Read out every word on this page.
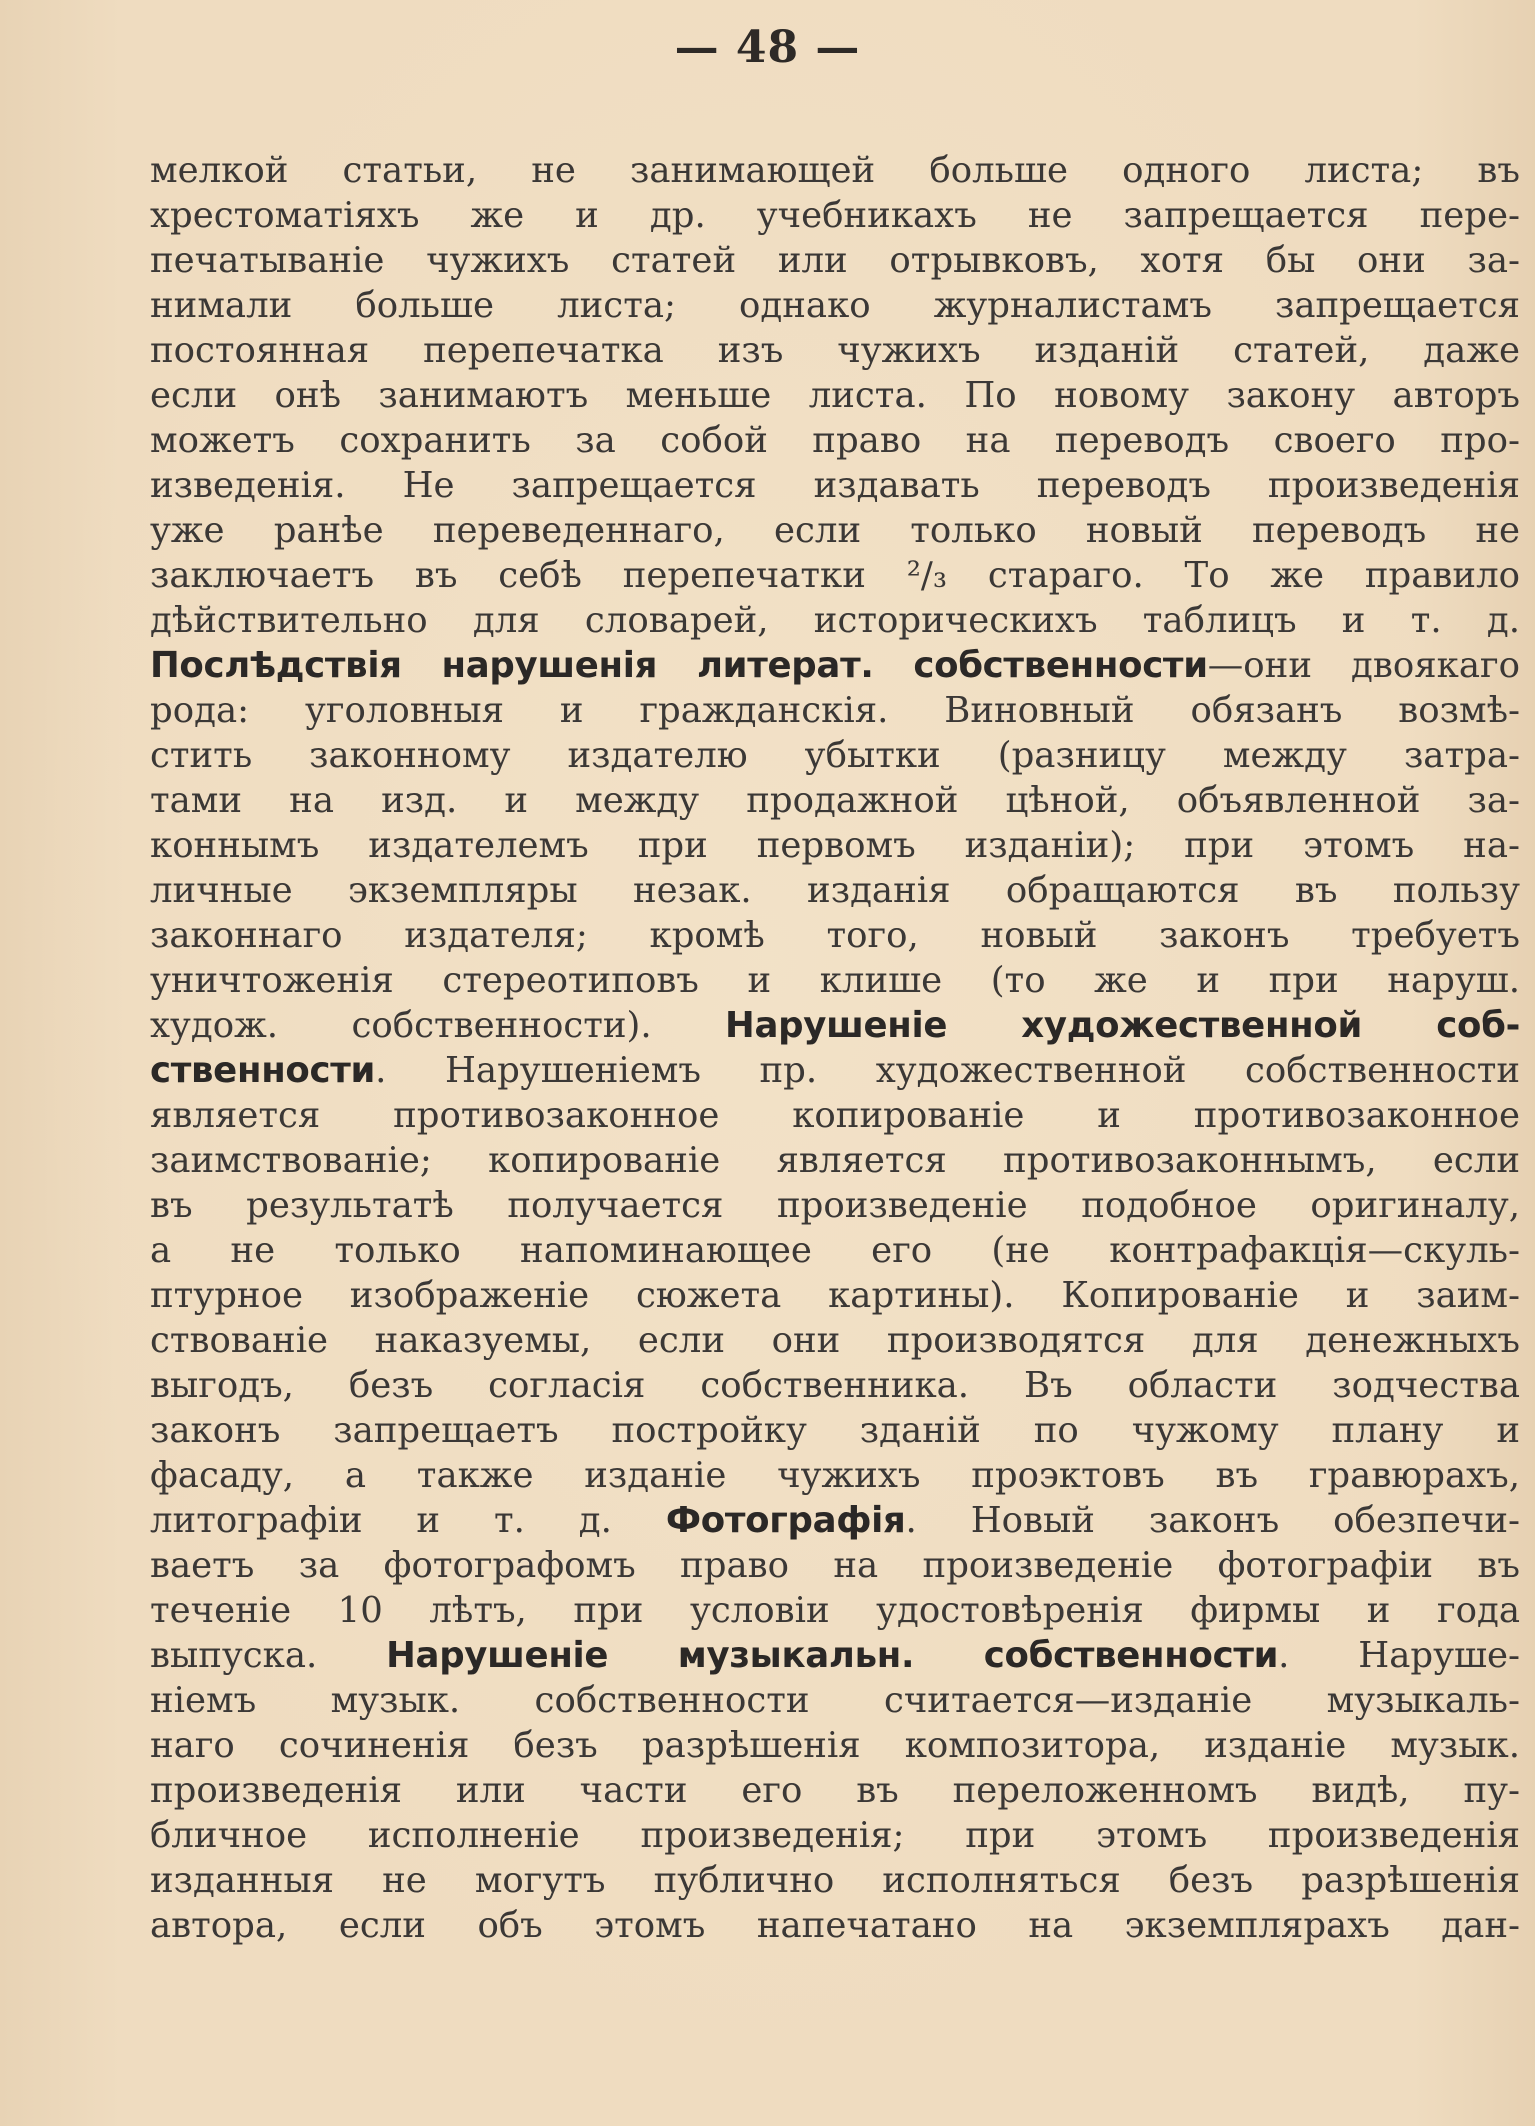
— 48 —
мелкой статьи, не занимающей больше одного листа; въ
хрестоматіяхъ же и др. учебникахъ не запрещается пере-
печатываніе чужихъ статей или отрывковъ, хотя бы они за-
нимали больше листа; однако журналистамъ запрещается
постоянная перепечатка изъ чужихъ изданій статей, даже
если онѣ занимаютъ меньше листа. По новому закону авторъ
можетъ сохранить за собой право на переводъ своего про-
изведенія. Не запрещается издавать переводъ произведенія
уже ранѣе переведеннаго, если только новый переводъ не
заключаетъ въ себѣ перепечатки ²/₃ стараго. То же правило
дѣйствительно для словарей, историческихъ таблицъ и т. д.
Послѣдствія нарушенія литерат. собственности—они двоякаго
рода: уголовныя и гражданскія. Виновный обязанъ возмѣ-
стить законному издателю убытки (разницу между затра-
тами на изд. и между продажной цѣной, объявленной за-
коннымъ издателемъ при первомъ изданіи); при этомъ на-
личные экземпляры незак. изданія обращаются въ пользу
законнаго издателя; кромѣ того, новый законъ требуетъ
уничтоженія стереотиповъ и клише (то же и при наруш.
худож. собственности). Нарушеніе художественной соб-
ственности. Нарушеніемъ пр. художественной собственности
является противозаконное копированіе и противозаконное
заимствованіе; копированіе является противозаконнымъ, если
въ результатѣ получается произведеніе подобное оригиналу,
а не только напоминающее его (не контрафакція—скуль-
птурное изображеніе сюжета картины). Копированіе и заим-
ствованіе наказуемы, если они производятся для денежныхъ
выгодъ, безъ согласія собственника. Въ области зодчества
законъ запрещаетъ постройку зданій по чужому плану и
фасаду, а также изданіе чужихъ проэктовъ въ гравюрахъ,
литографіи и т. д. Фотографія. Новый законъ обезпечи-
ваетъ за фотографомъ право на произведеніе фотографіи въ
теченіе 10 лѣтъ, при условіи удостовѣренія фирмы и года
выпуска. Нарушеніе музыкальн. собственности. Наруше-
ніемъ музык. собственности считается—изданіе музыкаль-
наго сочиненія безъ разрѣшенія композитора, изданіе музык.
произведенія или части его въ переложенномъ видѣ, пу-
бличное исполненіе произведенія; при этомъ произведенія
изданныя не могутъ публично исполняться безъ разрѣшенія
автора, если объ этомъ напечатано на экземплярахъ дан-
